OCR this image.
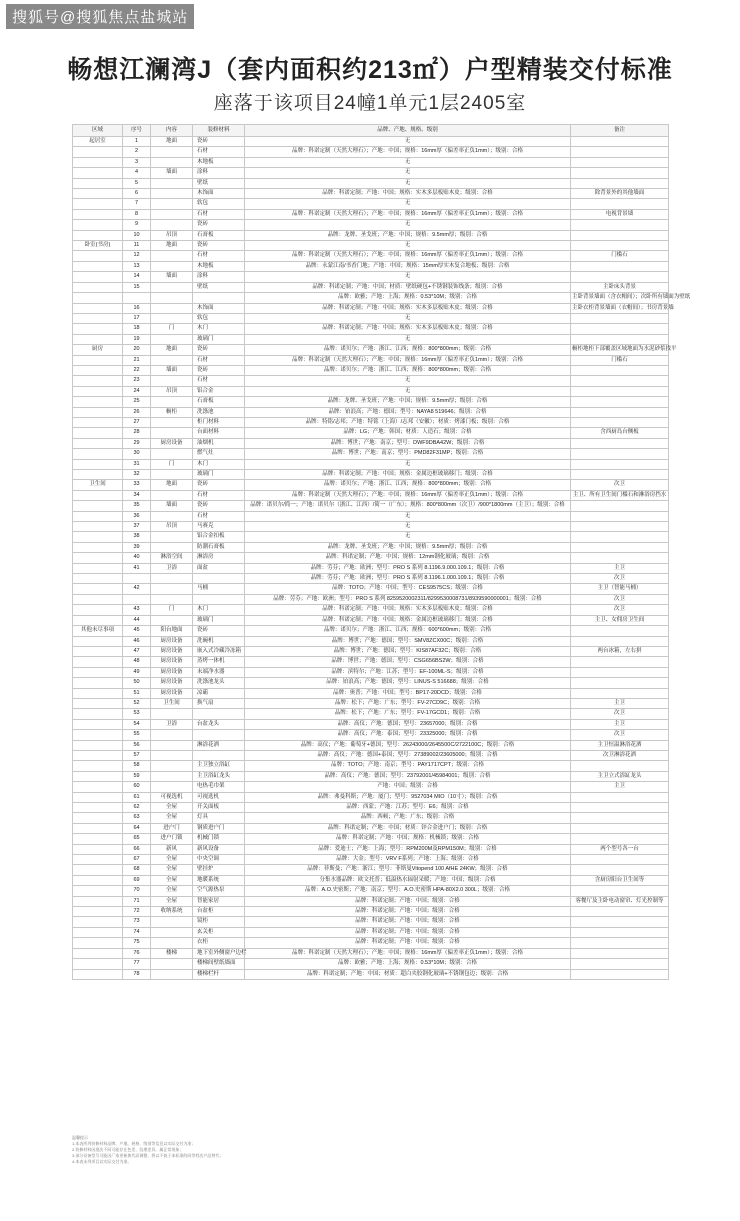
搜狐号@搜狐焦点盐城站
畅想江澜湾J（套内面积约213㎡）户型精装交付标准
座落于该项目24幢1单元1层2405室
区域	序号	内容	装修材料	品牌、产地、规格、级别	备注
起居室	1	地面	瓷砖	无	
	2		石材	品牌：科诺定制（天然大理石）；产地：中国；规格：16mm厚（偏差率正负1mm）；级别：合格	
	3		木地板	无	
	4	墙面	涂料	无	
	5		壁纸	无	
	6		木饰面	品牌：科诺定制；产地：中国；规格：实木多层板贴木皮；级别：合格	除背景外的其他墙面
	7		软包	无	
	8		石材	品牌：科诺定制（天然大理石）；产地：中国；规格：16mm厚（偏差率正负1mm）；级别：合格	电视背景墙
	9		瓷砖	无	
	10	吊顶	石膏板	品牌：龙牌、圣戈班；产地：中国；规格：9.5mm厚；级别：合格	
卧室(书房)	11	地面	瓷砖	无	
	12		石材	品牌：科诺定制（天然大理石）；产地：中国；规格：16mm厚（偏差率正负1mm）；级别：合格	门槛石
	13		木地板	品牌：永蒙江南/书香门地；产地：中国；规格：15mm厚实木复合地板；级别：合格	
	14	墙面	涂料	无	
	15		壁纸	品牌：科诺定制；产地：中国；材质：壁纸硬包+不锈钢装饰线条；级别：合格	主卧床头背景
				品牌：欧雅；产地：上海；规格：0.53*10M；级别：合格	主卧背景墙面（含衣帽间）；次卧所有墙面为壁纸
	16		木饰面	品牌：科诺定制；产地：中国；规格：实木多层板贴木皮；级别：合格	主卧衣柜背景墙面（衣帽间）；书房背景墙
	17		软包	无	
	18	门	木门	品牌：科诺定制；产地：中国；规格：实木多层板贴木皮；级别：合格	
	19		玻璃门	无	
厨房	20	地面	瓷砖	品牌：诺贝尔；产地：浙江、江西；规格：800*800mm；级别：合格	橱柜地柜下部覆盖区域地面为水泥砂浆找平
	21		石材	品牌：科诺定制（天然大理石）；产地：中国；规格：16mm厚（偏差率正负1mm）；级别：合格	门槛石
	22	墙面	瓷砖	品牌：诺贝尔；产地：浙江、江西；规格：800*800mm；级别：合格	
	23		石材	无	
	24	吊顶	铝合金	无	
	25		石膏板	品牌：龙牌、圣戈班；产地：中国；规格：9.5mm厚；级别：合格	
	26	橱柜	洗涤池	品牌：铂浪高；产地：德国；型号：NAYA8 519646；级别：合格	
	27		柜门材料	品牌：特铭/志邦；产地：特铭（上海）/志邦（安徽）；材质：烤漆门板；级别：合格	
	28		台面材料	品牌：LG；产地：韩国；材质：人造石；级别：合格	含西厨岛台侧板
	29	厨房设备	油烟机	品牌：博世；产地：南京；型号：DWF9DBA42W；级别：合格	
	30		燃气灶	品牌：博世；产地：南京；型号：PMD82F31MP；级别：合格	
	31	门	木门	无	
	32		玻璃门	品牌：科诺定制；产地：中国；规格：金属边框玻璃移门；级别：合格	
卫生间	33	地面	瓷砖	品牌：诺贝尔；产地：浙江、江西；规格：800*800mm；级别：合格	次卫
	34		石材	品牌：科诺定制（天然大理石）；产地：中国；规格：16mm厚（偏差率正负1mm）；级别：合格	主卫、所有卫生间门槛石和淋浴房挡水
	35	墙面	瓷砖	品牌：诺贝尔/简一；产地：诺贝尔（浙江、江西）/简一（广东）；规格：800*800mm（次卫）/900*1800mm（主卫）；级别：合格	
	36		石材	无	
	37	吊顶	马赛克	无	
	38		铝合金扣板	无	
	39		防潮石膏板	品牌：龙牌、圣戈班；产地：中国；规格：9.5mm厚；级别：合格	
	40	淋浴空间	淋浴房	品牌：科诺定制；产地：中国；规格：12mm钢化玻璃；级别：合格	
	41	卫浴	面盆	品牌：劳芬；产地：欧洲；型号：PRO S 系列 8.1196.9.000.109.1；级别：合格	主卫
				品牌：劳芬；产地：欧洲；型号：PRO S 系列 8.1196.1.000.109.1；级别：合格	次卫
	42		马桶	品牌：TOTO；产地：中国；型号：CES9575CS；级别：合格	主卫（智能马桶）
				品牌：劳芬；产地：欧洲；型号：PRO S 系列 8259520002311/8299530008731/8939590000001；级别：合格	次卫
	43	门	木门	品牌：科诺定制；产地：中国；规格：实木多层板贴木皮；级别：合格	次卫
	44		玻璃门	品牌：科诺定制；产地：中国；规格：金属边框玻璃移门；级别：合格	主卫、女佣房卫生间
其他未尽事项	45	阳台地面	瓷砖	品牌：诺贝尔；产地：浙江、江西；规格：600*600mm；级别：合格	
	46	厨房设备	洗碗机	品牌：博世；产地：德国；型号：SMV8ZCX00C；级别：合格	
	47	厨房设备	嵌入式冷藏冷冻箱	品牌：博世；产地：德国；型号：KIS87AF32C；级别：合格	两台冰箱，左右拼
	48	厨房设备	蒸烤一体机	品牌：博世；产地：德国；型号：CSG656BS2W；级别：合格	
	49	厨房设备	末端净水器	品牌：滨特尔；产地：江苏；型号：EF-100ML-S；级别：合格	
	50	厨房设备	洗涤池龙头	品牌：铂浪高；产地：德国；型号：LINUS-S 516688；级别：合格	
	51	厨房设备	凉霸	品牌：奥普；产地：中国；型号：BP17-20DCD；级别：合格	
	52	卫生间	换气扇	品牌：松下；产地：广东；型号：FV-27CD9C；级别：合格	主卫
	53			品牌：松下；产地：广东；型号：FV-17GCD1；级别：合格	次卫
	54	卫浴	台盆龙头	品牌：高仪；产地：德国；型号：23657000；级别：合格	主卫
	55			品牌：高仪；产地：泰国；型号：23325000；级别：合格	次卫
	56		淋浴花洒	品牌：高仪；产地：葡萄牙+德国；型号：26243000/2645500C/2722100C；级别：合格	主卫恒温淋浴花洒
	57			品牌：高仪；产地：德国+泰国；型号：27389002/23605000；级别：合格	次卫淋浴花洒
	58		主卫独立浴缸	品牌：TOTO；产地：南京；型号：PAY1717CPT；级别：合格	
	59		主卫浴缸龙头	品牌：高仪；产地：德国；型号：23792001/45984001；级别：合格	主卫立式浴缸龙头
	60		电热毛巾架	产地：中国；级别：合格	主卫
	61	可视选机	可视选机	品牌：弗曼科斯；产地：厦门；型号：9527034 MIO（10寸）；级别：合格	
	62	全屋	开关面板	品牌：西蒙；产地：江苏；型号：E6；级别：合格	
	63	全屋	灯具	品牌：西顿；产地：广东；级别：合格	
	64	进户门	钢质进户门	品牌：科诺定制；产地：中国；材质：锌合金进户门；级别：合格	
	65	进户门锁	机械门锁	品牌：科诺定制；产地：中国；规格：机械锁；级别：合格	
	66	新风	新风设备	品牌：爱迪士；产地：上海；型号：RPM200M及RPM150M；级别：合格	两个型号各一台
	67	全屋	中央空调	品牌：大金；型号：VRV F系列；产地：上海；级别：合格	
	68	全屋	壁挂炉	品牌：菲斯曼；产地：浙江；型号：菲斯曼Vitopend 100 AfHE 24KW；级别：合格	
	69	全屋	地暖系统	分集水器品牌：欧文托普；低温热水辐射采暖；产地：中国；级别：合格	含厨房阳台卫生间等
	70	全屋	空气源热泵	品牌：A.O.史密斯；产地：南京；型号：A.O.史密斯 HPA-80X2.0 300L；级别：合格	
	71	全屋	智能家居	品牌：科诺定制；产地：中国；级别：合格	客餐厅及主卧电动窗帘、灯光控制等
	72	收纳系统	台盆柜	品牌：科诺定制；产地：中国；级别：合格	
	73		镜柜	品牌：科诺定制；产地：中国；级别：合格	
	74		玄关柜	品牌：科诺定制；产地：中国；级别：合格	
	75		衣柜	品牌：科诺定制；产地：中国；级别：合格	
	76	楼梯	地下室外侧窗户边栏	品牌：科诺定制（天然大理石）；产地：中国；规格：16mm厚（偏差率正负1mm）；级别：合格	
	77		楼梯间壁纸墙面	品牌：欧雅；产地：上海；规格：0.53*10M；级别：合格	
	78		楼梯栏杆	品牌：科诺定制；产地：中国；材质：超白夹胶钢化玻璃+不锈钢包边；级别：合格	
温馨提示
1.本表所列装修材料品牌、产地、规格、级别等信息以实际交付为准；
2.装修材料因批次不同可能存在色差、纹理差异，属正常现象；
3.部分设备型号可能因厂家更新换代而调整，将以不低于本标准的同等档次产品替代；
4.本表未列项目以实际交付为准。
